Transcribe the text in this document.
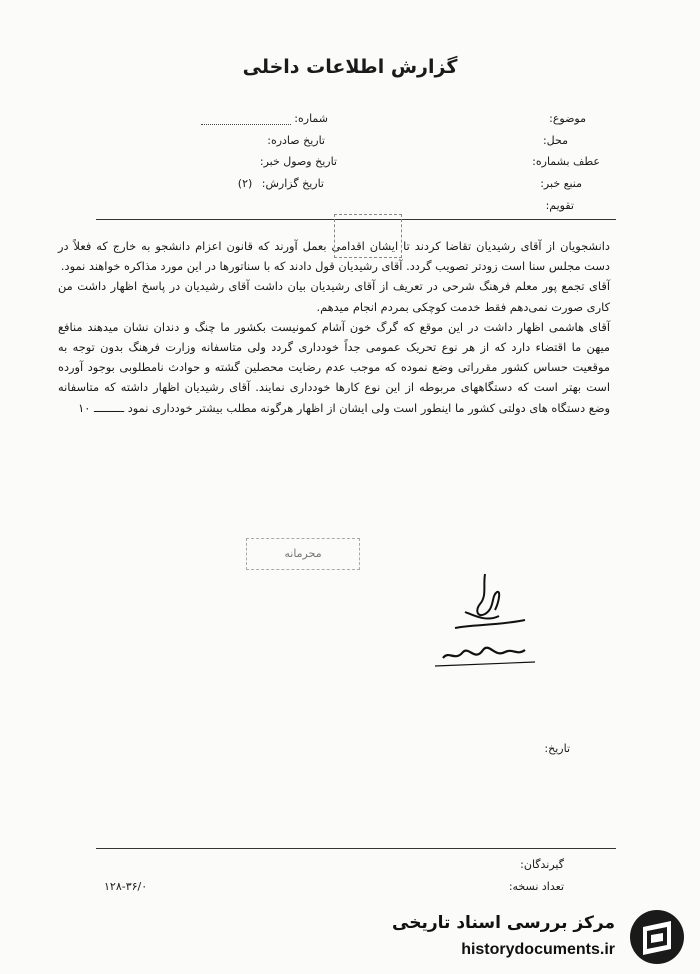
گزارش اطلاعات داخلی
موضوع:
محل:
عطف بشماره:
منبع خبر:
تقویم:
شماره:
تاریخ صادره:
تاریخ وصول خبر:
تاریخ گزارش: (۲)

دانشجویان از آقای رشیدیان تقاضا کردند تا ایشان اقدامی بعمل آورند که قانون اعزام دانشجو به خارج که فعلاً در دست مجلس سنا است زودتر تصویب گردد. آقای رشیدیان قول دادند که با سناتورها در این مورد مذاکره خواهند نمود.

آقای تجمع پور معلم فرهنگ شرحی در تعریف از آقای رشیدیان بیان داشت آقای رشیدیان در پاسخ اظهار داشت من کاری صورت نمی‌دهم فقط خدمت کوچکی بمردم انجام میدهم.

آقای هاشمی اظهار داشت در این موقع که گرگ خون آشام کمونیست بکشور ما چنگ و دندان نشان میدهند منافع میهن ما اقتضاء دارد که از هر نوع تحریک عمومی جداً خودداری گردد ولی متاسفانه وزارت فرهنگ بدون توجه به موقعیت حساس کشور مقرراتی وضع نموده که موجب عدم رضایت محصلین گشته و حوادث نامطلوبی بوجود آورده است بهتر است که دستگاههای مربوطه از این نوع کارها خودداری نمایند. آقای رشیدیان اظهار داشته که متاسفانه وضع دستگاه های دولتی کشور ما اینطور است ولی ایشان از اظهار هرگونه مطلب بیشتر خودداری نمود ـــــــــ ۱۰

محرمانه
تاریخ:
گیرندگان:
تعداد نسخه:
۱۲۸-۳۶/۰
مرکز بررسی اسناد تاریخی
historydocuments.ir
